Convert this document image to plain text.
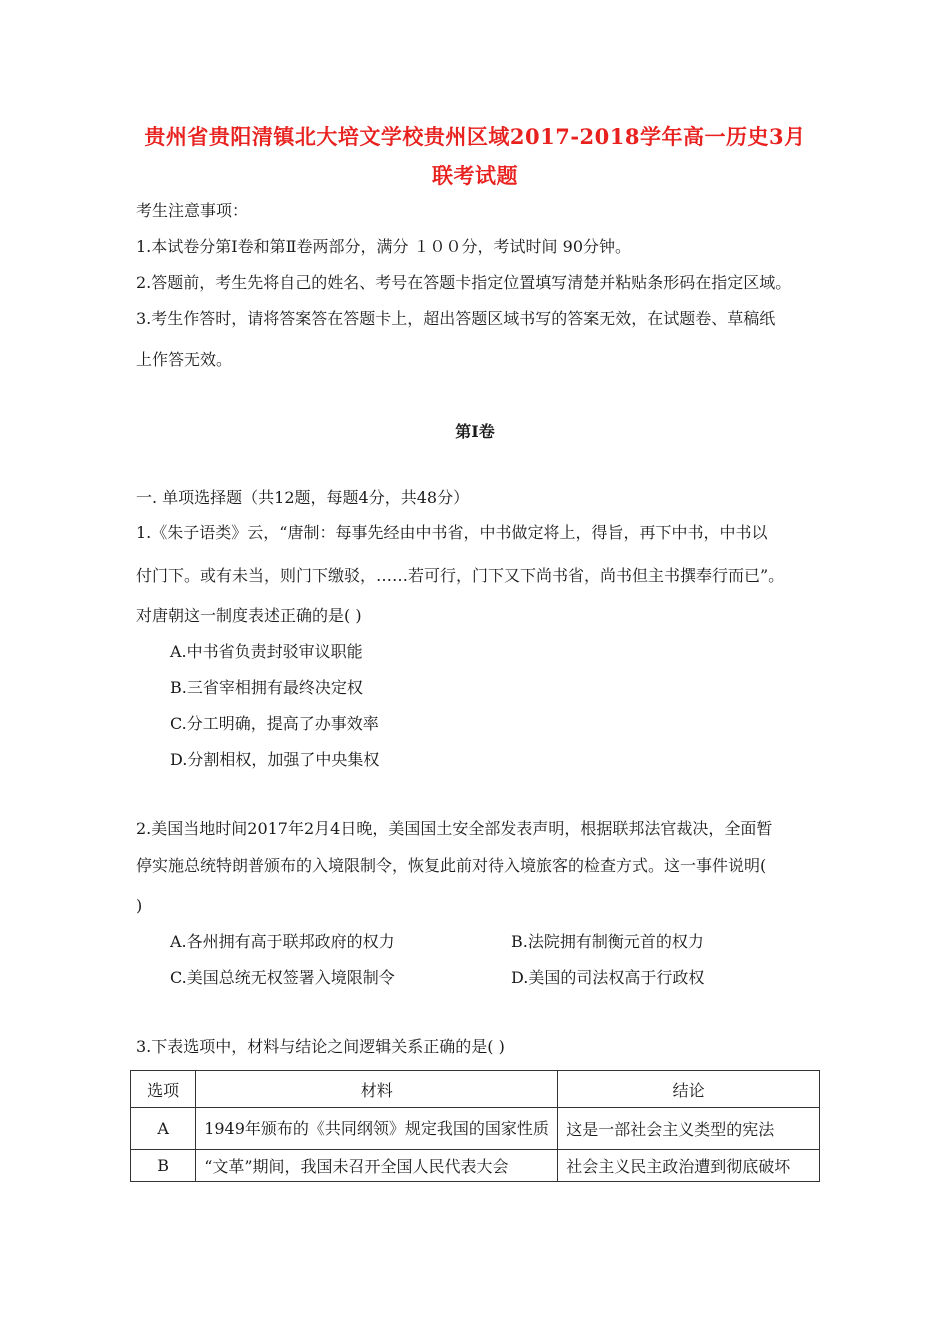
贵州省贵阳清镇北大培文学校贵州区域2017-2018学年高一历史3月
联考试题
考生注意事项：
1.本试卷分第Ⅰ卷和第Ⅱ卷两部分，满分 １００分，考试时间 90分钟。
2.答题前，考生先将自己的姓名、考号在答题卡指定位置填写清楚并粘贴条形码在指定区域。
3.考生作答时，请将答案答在答题卡上，超出答题区域书写的答案无效，在试题卷、草稿纸
上作答无效。
第Ⅰ卷
一. 单项选择题（共12题，每题4分，共48分）
1.《朱子语类》云，“唐制：每事先经由中书省，中书做定将上，得旨，再下中书，中书以
付门下。或有未当，则门下缴驳，……若可行，门下又下尚书省，尚书但主书撰奉行而已”。
对唐朝这一制度表述正确的是( )
A.中书省负责封驳审议职能
B.三省宰相拥有最终决定权
C.分工明确，提高了办事效率
D.分割相权，加强了中央集权
2.美国当地时间2017年2月4日晚，美国国土安全部发表声明，根据联邦法官裁决，全面暂
停实施总统特朗普颁布的入境限制令，恢复此前对待入境旅客的检查方式。这一事件说明(
)
A.各州拥有高于联邦政府的权力	B.法院拥有制衡元首的权力
C.美国总统无权签署入境限制令	D.美国的司法权高于行政权
3.下表选项中，材料与结论之间逻辑关系正确的是( )
选项	材料	结论
A	1949年颁布的《共同纲领》规定我国的国家性质	这是一部社会主义类型的宪法
B	“文革”期间，我国未召开全国人民代表大会	社会主义民主政治遭到彻底破坏
